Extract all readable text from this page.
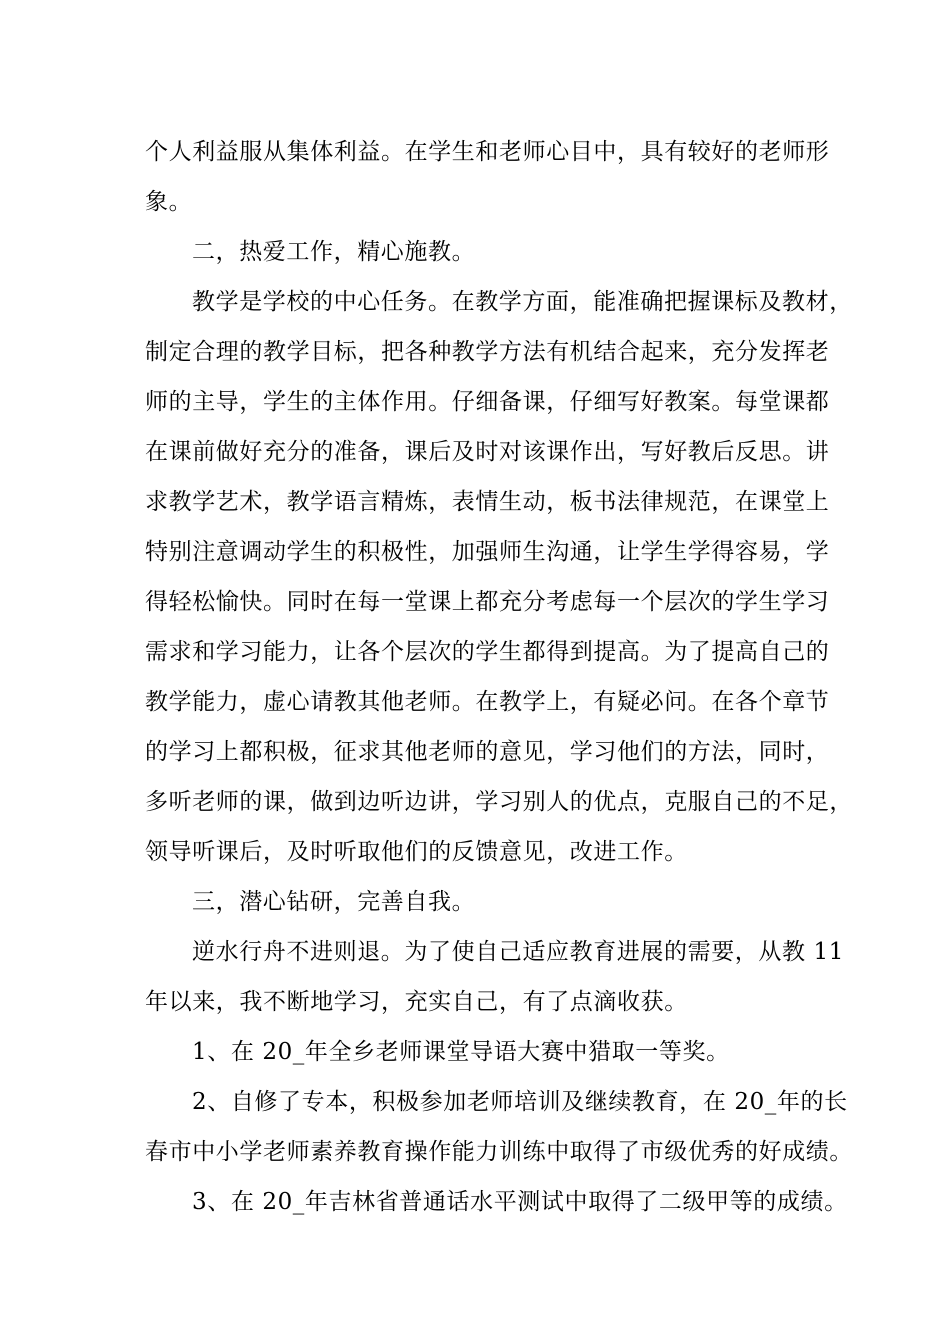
个人利益服从集体利益。在学生和老师心目中，具有较好的老师形
象。
二，热爱工作，精心施教。
教学是学校的中心任务。在教学方面，能准确把握课标及教材，
制定合理的教学目标，把各种教学方法有机结合起来，充分发挥老
师的主导，学生的主体作用。仔细备课，仔细写好教案。每堂课都
在课前做好充分的准备，课后及时对该课作出，写好教后反思。讲
求教学艺术，教学语言精炼，表情生动，板书法律规范，在课堂上
特别注意调动学生的积极性，加强师生沟通，让学生学得容易，学
得轻松愉快。同时在每一堂课上都充分考虑每一个层次的学生学习
需求和学习能力，让各个层次的学生都得到提高。为了提高自己的
教学能力，虚心请教其他老师。在教学上，有疑必问。在各个章节
的学习上都积极，征求其他老师的意见，学习他们的方法，同时，
多听老师的课，做到边听边讲，学习别人的优点，克服自己的不足，
领导听课后，及时听取他们的反馈意见，改进工作。
三，潜心钻研，完善自我。
逆水行舟不进则退。为了使自己适应教育进展的需要，从教 11
年以来，我不断地学习，充实自己，有了点滴收获。
1、在 20_年全乡老师课堂导语大赛中猎取一等奖。
2、自修了专本，积极参加老师培训及继续教育，在 20_年的长
春市中小学老师素养教育操作能力训练中取得了市级优秀的好成绩。
3、在 20_年吉林省普通话水平测试中取得了二级甲等的成绩。
